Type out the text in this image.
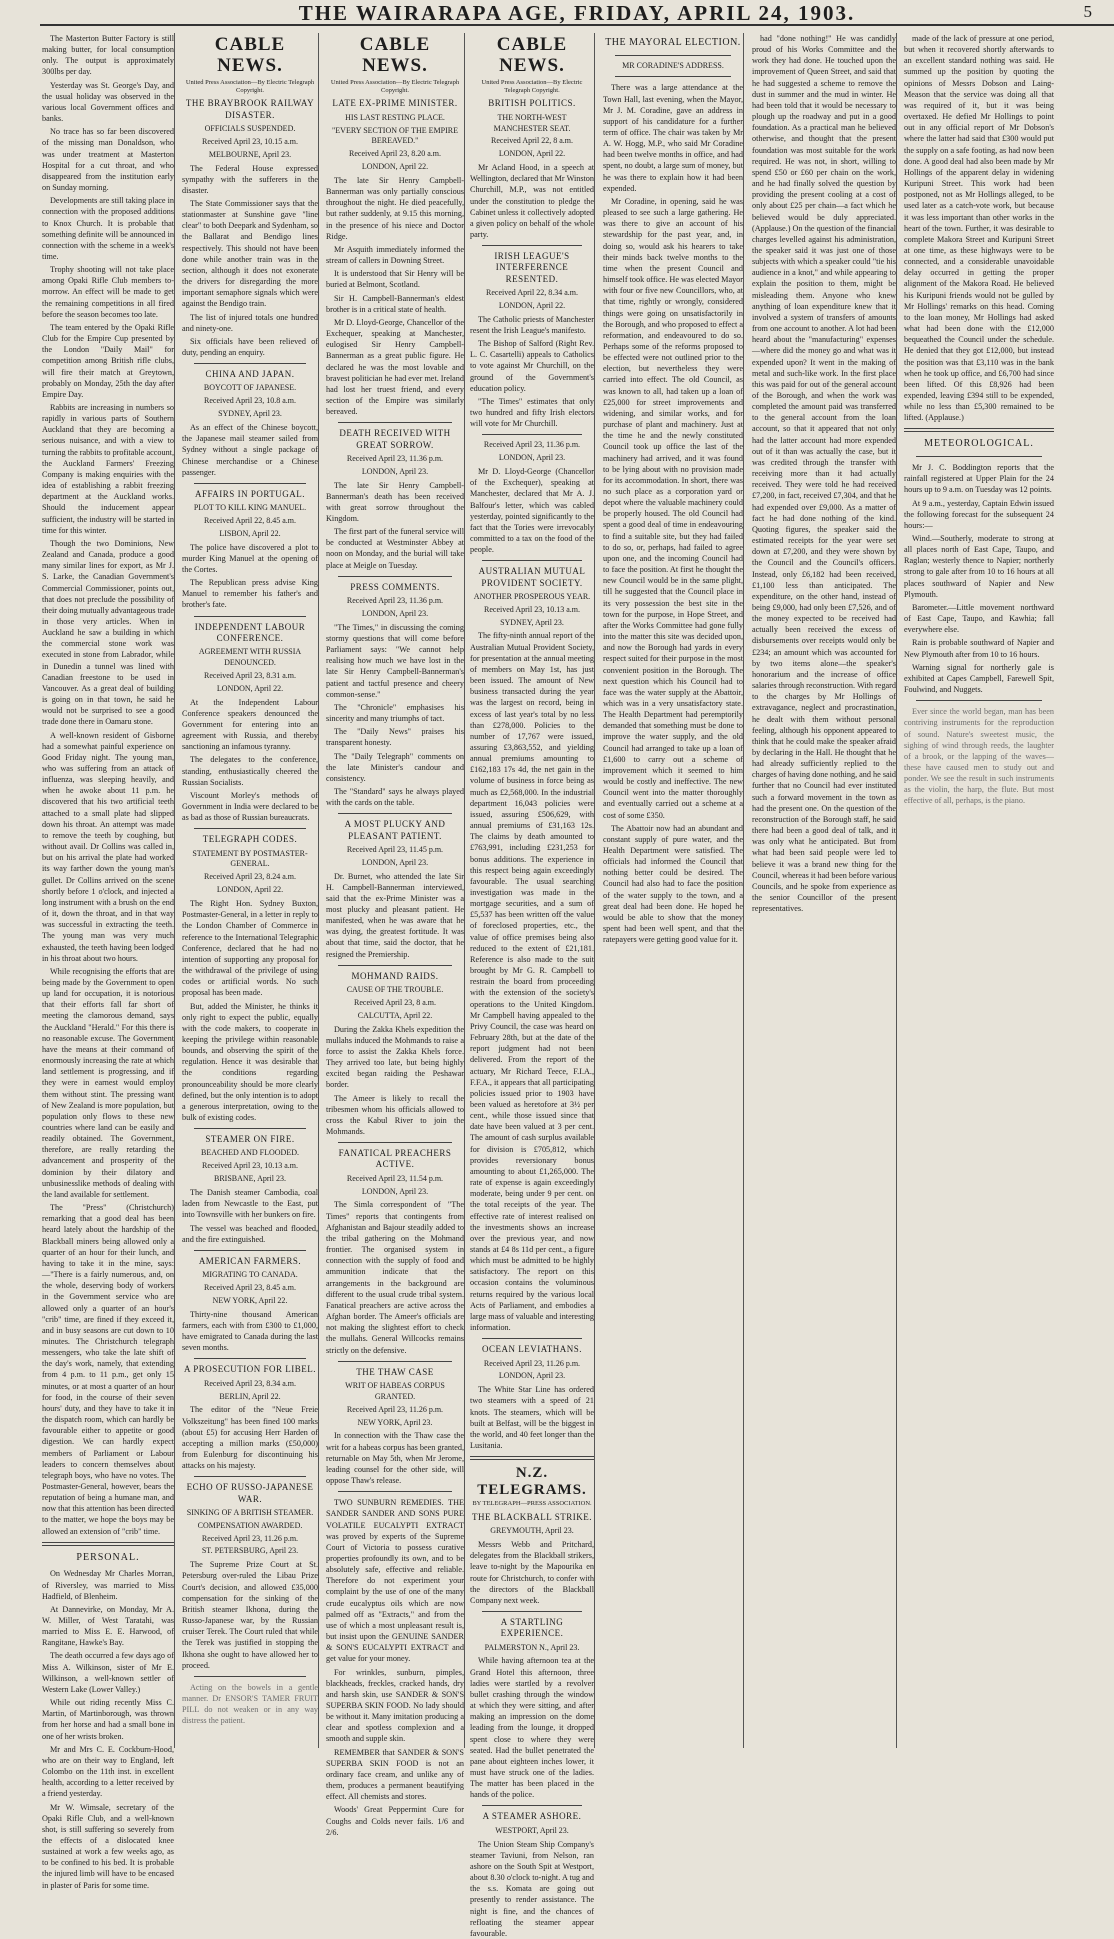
THE WAIRARAPA AGE, FRIDAY, APRIL 24, 1903.	5

The Masterton Butter Factory is still making butter, for local consumption only. The output is approximately 300lbs per day.

Yesterday was St. George's Day, and the usual holiday was observed in the various local Government offices and banks.

No trace has so far been discovered of the missing man Donaldson, who was under treatment at Masterton Hospital for a cut throat, and who disappeared from the institution early on Sunday morning.

Developments are still taking place in connection with the proposed additions to Knox Church. It is probable that something definite will be announced in connection with the scheme in a week's time.

Trophy shooting will not take place among Opaki Rifle Club members to-morrow. An effect will be made to get the remaining competitions in all fired before the season becomes too late.

The team entered by the Opaki Rifle Club for the Empire Cup presented by the London "Daily Mail" for competition among British rifle clubs, will fire their match at Greytown, probably on Monday, 25th the day after Empire Day.

Rabbits are increasing in numbers so rapidly in various parts of Southern Auckland that they are becoming a serious nuisance, and with a view to turning the rabbits to profitable account, the Auckland Farmers' Freezing Company is making enquiries with the idea of establishing a rabbit freezing department at the Auckland works. Should the inducement appear sufficient, the industry will be started in time for this winter.

Though the two Dominions, New Zealand and Canada, produce a good many similar lines for export, as Mr J. S. Larke, the Canadian Government's Commercial Commissioner, points out, that does not preclude the possibility of their doing mutually advantageous trade in those very articles. When in Auckland he saw a building in which the commercial stone work was executed in stone from Labrador, while in Dunedin a tunnel was lined with Canadian freestone to be used in Vancouver. As a great deal of building is going on in that town, he said he would not be surprised to see a good trade done there in Oamaru stone.

A well-known resident of Gisborne had a somewhat painful experience on Good Friday night. The young man, who was suffering from an attack of influenza, was sleeping heavily, and when he awoke about 11 p.m. he discovered that his two artificial teeth attached to a small plate had slipped down his throat. An attempt was made to remove the teeth by coughing, but without avail. Dr Collins was called in, but on his arrival the plate had worked its way farther down the young man's gullet. Dr Collins arrived on the scene shortly before 1 o'clock, and injected a long instrument with a brush on the end of it, down the throat, and in that way was successful in extracting the teeth. The young man was very much exhausted, the teeth having been lodged in his throat about two hours.

While recognising the efforts that are being made by the Government to open up land for occupation, it is notorious that their efforts fall far short of meeting the clamorous demand, says the Auckland "Herald." For this there is no reasonable excuse. The Government have the means at their command of enormously increasing the rate at which land settlement is progressing, and if they were in earnest would employ them without stint. The pressing want of New Zealand is more population, but population only flows to these new countries where land can be easily and readily obtained. The Government, therefore, are really retarding the advancement and prosperity of the dominion by their dilatory and unbusinesslike methods of dealing with the land available for settlement.

The "Press" (Christchurch) remarking that a good deal has been heard lately about the hardship of the Blackball miners being allowed only a quarter of an hour for their lunch, and having to take it in the mine, says:—"There is a fairly numerous, and, on the whole, deserving body of workers in the Government service who are allowed only a quarter of an hour's "crib" time, are fined if they exceed it, and in busy seasons are cut down to 10 minutes. The Christchurch telegraph messengers, who take the late shift of the day's work, namely, that extending from 4 p.m. to 11 p.m., get only 15 minutes, or at most a quarter of an hour for food, in the course of their seven hours' duty, and they have to take it in the dispatch room, which can hardly be favourable either to appetite or good digestion. We can hardly expect members of Parliament or Labour leaders to concern themselves about telegraph boys, who have no votes. The Postmaster-General, however, bears the reputation of being a humane man, and now that this attention has been directed to the matter, we hope the boys may be allowed an extension of "crib" time.

PERSONAL.

On Wednesday Mr Charles Morran, of Riversley, was married to Miss Hadfield, of Blenheim.

At Dannevirke, on Monday, Mr A. W. Miller, of West Taratahi, was married to Miss E. E. Harwood, of Rangitane, Hawke's Bay.

The death occurred a few days ago of Miss A. Wilkinson, sister of Mr E. Wilkinson, a well-known settler of Western Lake (Lower Valley.)

While out riding recently Miss C. Martin, of Martinborough, was thrown from her horse and had a small bone in one of her wrists broken.

Mr and Mrs C. E. Cockburn-Hood, who are on their way to England, left Colombo on the 11th inst. in excellent health, according to a letter received by a friend yesterday.

Mr W. Wimsale, secretary of the Opaki Rifle Club, and a well-known shot, is still suffering so severely from the effects of a dislocated knee sustained at work a few weeks ago, as to be confined to his bed. It is probable the injured limb will have to be encased in plaster of Paris for some time.

CABLE NEWS.
United Press Association—By Electric Telegraph Copyright.
THE BRAYBROOK RAILWAY DISASTER.
OFFICIALS SUSPENDED.
Received April 23, 10.15 a.m.
MELBOURNE, April 23.

The Federal House expressed sympathy with the sufferers in the disaster.

The State Commissioner says that the stationmaster at Sunshine gave "line clear" to both Deepark and Sydenham, so the Ballarat and Bendigo lines respectively. This should not have been done while another train was in the section, although it does not exonerate the drivers for disregarding the more important semaphore signals which were against the Bendigo train.

The list of injured totals one hundred and ninety-one.

Six officials have been relieved of duty, pending an enquiry.

CHINA AND JAPAN.
BOYCOTT OF JAPANESE.
Received April 23, 10.8 a.m.
SYDNEY, April 23.

As an effect of the Chinese boycott, the Japanese mail steamer sailed from Sydney without a single package of Chinese merchandise or a Chinese passenger.

AFFAIRS IN PORTUGAL.
PLOT TO KILL KING MANUEL.
Received April 22, 8.45 a.m.
LISBON, April 22.

The police have discovered a plot to murder King Manuel at the opening of the Cortes.

The Republican press advise King Manuel to remember his father's and brother's fate.

INDEPENDENT LABOUR CONFERENCE.
AGREEMENT WITH RUSSIA DENOUNCED.
Received April 23, 8.31 a.m.
LONDON, April 22.

At the Independent Labour Conference speakers denounced the Government for entering into an agreement with Russia, and thereby sanctioning an infamous tyranny.

The delegates to the conference, standing, enthusiastically cheered the Russian Socialists.

Viscount Morley's methods of Government in India were declared to be as bad as those of Russian bureaucrats.

TELEGRAPH CODES.
STATEMENT BY POSTMASTER-GENERAL.
Received April 23, 8.24 a.m.
LONDON, April 22.

The Right Hon. Sydney Buxton, Postmaster-General, in a letter in reply to the London Chamber of Commerce in reference to the International Telegraphic Conference, declared that he had no intention of supporting any proposal for the withdrawal of the privilege of using codes or artificial words. No such proposal has been made.

But, added the Minister, he thinks it only right to expect the public, equally with the code makers, to cooperate in keeping the privilege within reasonable bounds, and observing the spirit of the regulation. Hence it was desirable that the conditions regarding pronounceability should be more clearly defined, but the only intention is to adopt a generous interpretation, owing to the bulk of existing codes.

STEAMER ON FIRE.
BEACHED AND FLOODED.
Received April 23, 10.13 a.m.
BRISBANE, April 23.

The Danish steamer Cambodia, coal laden from Newcastle to the East, put into Townsville with her bunkers on fire.

The vessel was beached and flooded, and the fire extinguished.

AMERICAN FARMERS.
MIGRATING TO CANADA.
Received April 23, 8.45 a.m.
NEW YORK, April 22.

Thirty-nine thousand American farmers, each with from £300 to £1,000, have emigrated to Canada during the last seven months.

A PROSECUTION FOR LIBEL.
Received April 23, 8.34 a.m.
BERLIN, April 22.

The editor of the "Neue Freie Volkszeitung" has been fined 100 marks (about £5) for accusing Herr Harden of accepting a million marks (£50,000) from Eulenburg for discontinuing his attacks on his majesty.

ECHO OF RUSSO-JAPANESE WAR.
SINKING OF A BRITISH STEAMER.
COMPENSATION AWARDED.
Received April 23, 11.26 p.m.
ST. PETERSBURG, April 23.

The Supreme Prize Court at St. Petersburg over-ruled the Libau Prize Court's decision, and allowed £35,000 compensation for the sinking of the British steamer Ikhona, during the Russo-Japanese war, by the Russian cruiser Terek. The Court ruled that while the Terek was justified in stopping the Ikhona she ought to have allowed her to proceed.

Acting on the bowels in a gentle manner. Dr ENSOR'S TAMER FRUIT PILL do not weaken or in any way distress the patient.

CABLE NEWS.
United Press Association—By Electric Telegraph Copyright.
LATE EX-PRIME MINISTER.
HIS LAST RESTING PLACE.
"EVERY SECTION OF THE EMPIRE BEREAVED."
Received April 23, 8.20 a.m.
LONDON, April 22.

The late Sir Henry Campbell-Bannerman was only partially conscious throughout the night. He died peacefully, but rather suddenly, at 9.15 this morning, in the presence of his niece and Doctor Ridge.

Mr Asquith immediately informed the stream of callers in Downing Street.

It is understood that Sir Henry will be buried at Belmont, Scotland.

Sir H. Campbell-Bannerman's eldest brother is in a critical state of health.

Mr D. Lloyd-George, Chancellor of the Exchequer, speaking at Manchester, eulogised Sir Henry Campbell-Bannerman as a great public figure. He declared he was the most lovable and bravest politician he had ever met. Ireland had lost her truest friend, and every section of the Empire was similarly bereaved.

DEATH RECEIVED WITH GREAT SORROW.
Received April 23, 11.36 p.m.
LONDON, April 23.

The late Sir Henry Campbell-Bannerman's death has been received with great sorrow throughout the Kingdom.

The first part of the funeral service will be conducted at Westminster Abbey at noon on Monday, and the burial will take place at Meigle on Tuesday.

PRESS COMMENTS.
Received April 23, 11.36 p.m.
LONDON, April 23.

"The Times," in discussing the coming stormy questions that will come before Parliament says: "We cannot help realising how much we have lost in the late Sir Henry Campbell-Bannerman's patient and tactful presence and cheery common-sense."

The "Chronicle" emphasises his sincerity and many triumphs of tact.

The "Daily News" praises his transparent honesty.

The "Daily Telegraph" comments on the late Minister's candour and consistency.

The "Standard" says he always played with the cards on the table.

A MOST PLUCKY AND PLEASANT PATIENT.
Received April 23, 11.45 p.m.
LONDON, April 23.

Dr. Burnet, who attended the late Sir H. Campbell-Bannerman interviewed, said that the ex-Prime Minister was a most plucky and pleasant patient. He manifested, when he was aware that he was dying, the greatest fortitude. It was about that time, said the doctor, that he resigned the Premiership.

MOHMAND RAIDS.
CAUSE OF THE TROUBLE.
Received April 23, 8 a.m.
CALCUTTA, April 22.

During the Zakka Khels expedition the mullahs induced the Mohmands to raise a force to assist the Zakka Khels force. They arrived too late, but being highly excited began raiding the Peshawar border.

The Ameer is likely to recall the tribesmen whom his officials allowed to cross the Kabul River to join the Mohmands.

FANATICAL PREACHERS ACTIVE.
Received April 23, 11.54 p.m.
LONDON, April 23.

The Simla correspondent of "The Times" reports that contingents from Afghanistan and Bajour steadily added to the tribal gathering on the Mohmand frontier. The organised system in connection with the supply of food and ammunition indicate that the arrangements in the background are different to the usual crude tribal system. Fanatical preachers are active across the Afghan border. The Ameer's officials are not making the slightest effort to check the mullahs. General Willcocks remains strictly on the defensive.

THE THAW CASE
WRIT OF HABEAS CORPUS GRANTED.
Received April 23, 11.26 p.m.
NEW YORK, April 23.

In connection with the Thaw case the writ for a habeas corpus has been granted, returnable on May 5th, when Mr Jerome, leading counsel for the other side, will oppose Thaw's release.

TWO SUNBURN REMEDIES. THE SANDER SANDER AND SONS PURE VOLATILE EUCALYPTI EXTRACT was proved by experts of the Supreme Court of Victoria to possess curative properties profoundly its own, and to be absolutely safe, effective and reliable. Therefore do not experiment your complaint by the use of one of the many crude eucalyptus oils which are now palmed off as "Extracts," and from the use of which a most unpleasant result is, but insist upon the GENUINE SANDER & SON'S EUCALYPTI EXTRACT and get value for your money.

For wrinkles, sunburn, pimples, blackheads, freckles, cracked hands, dry and harsh skin, use SANDER & SON'S SUPERBA SKIN FOOD. No lady should be without it. Many imitation producing a clear and spotless complexion and a smooth and supple skin.

REMEMBER that SANDER & SON'S SUPERBA SKIN FOOD is not an ordinary face cream, and unlike any of them, produces a permanent beautifying effect. All chemists and stores.

Woods' Great Peppermint Cure for Coughs and Colds never fails. 1/6 and 2/6.

CABLE NEWS.
United Press Association—By Electric Telegraph Copyright.
BRITISH POLITICS.
THE NORTH-WEST MANCHESTER SEAT.
Received April 22, 8 a.m.
LONDON, April 22.

Mr Acland Hood, in a speech at Wellington, declared that Mr Winston Churchill, M.P., was not entitled under the constitution to pledge the Cabinet unless it collectively adopted a given policy on behalf of the whole party.

IRISH LEAGUE'S INTERFERENCE RESENTED.
Received April 22, 8.34 a.m.
LONDON, April 22.

The Catholic priests of Manchester resent the Irish League's manifesto.

The Bishop of Salford (Right Rev. L. C. Casartelli) appeals to Catholics to vote against Mr Churchill, on the ground of the Government's education policy.

"The Times" estimates that only two hundred and fifty Irish electors will vote for Mr Churchill.

Received April 23, 11.36 p.m.
LONDON, April 23.

Mr D. Lloyd-George (Chancellor of the Exchequer), speaking at Manchester, declared that Mr A. J. Balfour's letter, which was cabled yesterday, pointed significantly to the fact that the Tories were irrevocably committed to a tax on the food of the people.

AUSTRALIAN MUTUAL PROVIDENT SOCIETY.
ANOTHER PROSPEROUS YEAR.
Received April 23, 10.13 a.m.
SYDNEY, April 23.

The fifty-ninth annual report of the Australian Mutual Provident Society, for presentation at the annual meeting of members on May 1st, has just been issued. The amount of New business transacted during the year was the largest on record, being in excess of last year's total by no less than £278,000. Policies to the number of 17,767 were issued, assuring £3,863,552, and yielding annual premiums amounting to £162,183 17s 4d, the net gain in the volume of business in force being as much as £2,568,000. In the industrial department 16,043 policies were issued, assuring £506,629, with annual premiums of £31,163 12s. The claims by death amounted to £763,991, including £231,253 for bonus additions. The experience in this respect being again exceedingly favourable. The usual searching investigation was made in the mortgage securities, and a sum of £5,537 has been written off the value of foreclosed properties, etc., the value of office premises being also reduced to the extent of £21,181. Reference is also made to the suit brought by Mr G. R. Campbell to restrain the board from proceeding with the extension of the society's operations to the United Kingdom. Mr Campbell having appealed to the Privy Council, the case was heard on February 28th, but at the date of the report judgment had not been delivered. From the report of the actuary, Mr Richard Teece, F.I.A., F.F.A., it appears that all participating policies issued prior to 1903 have been valued as heretofore at 3½ per cent., while those issued since that date have been valued at 3 per cent. The amount of cash surplus available for division is £705,812, which provides reversionary bonus amounting to about £1,265,000. The rate of expense is again exceedingly moderate, being under 9 per cent. on the total receipts of the year. The effective rate of interest realised on the investments shows an increase over the previous year, and now stands at £4 8s 11d per cent., a figure which must be admitted to be highly satisfactory. The report on this occasion contains the voluminous returns required by the various local Acts of Parliament, and embodies a large mass of valuable and interesting information.

OCEAN LEVIATHANS.
Received April 23, 11.26 p.m.
LONDON, April 23.

The White Star Line has ordered two steamers with a speed of 21 knots. The steamers, which will be built at Belfast, will be the biggest in the world, and 40 feet longer than the Lusitania.

N.Z. TELEGRAMS.
BY TELEGRAPH—PRESS ASSOCIATION.
THE BLACKBALL STRIKE.
GREYMOUTH, April 23.

Messrs Webb and Pritchard, delegates from the Blackball strikers, leave to-night by the Mapourika en route for Christchurch, to confer with the directors of the Blackball Company next week.

A STARTLING EXPERIENCE.
PALMERSTON N., April 23.

While having afternoon tea at the Grand Hotel this afternoon, three ladies were startled by a revolver bullet crashing through the window at which they were sitting, and after making an impression on the dome leading from the lounge, it dropped spent close to where they were seated. Had the bullet penetrated the pane about eighteen inches lower, it must have struck one of the ladies. The matter has been placed in the hands of the police.

A STEAMER ASHORE.
WESTPORT, April 23.

The Union Steam Ship Company's steamer Taviuni, from Nelson, ran ashore on the South Spit at Westport, about 8.30 o'clock to-night. A tug and the s.s. Komata are going out presently to render assistance. The night is fine, and the chances of refloating the steamer appear favourable.

THE MAYORAL ELECTION.
MR CORADINE'S ADDRESS.

There was a large attendance at the Town Hall, last evening, when the Mayor, Mr J. M. Coradine, gave an address in support of his candidature for a further term of office. The chair was taken by Mr A. W. Hogg, M.P., who said Mr Coradine had been twelve months in office, and had spent, no doubt, a large sum of money, but he was there to explain how it had been expended.

Mr Coradine, in opening, said he was pleased to see such a large gathering. He was there to give an account of his stewardship for the past year, and, in doing so, would ask his hearers to take their minds back twelve months to the time when the present Council and himself took office. He was elected Mayor with four or five new Councillors, who, at that time, rightly or wrongly, considered things were going on unsatisfactorily in the Borough, and who proposed to effect a reformation, and endeavoured to do so. Perhaps some of the reforms proposed to be effected were not outlined prior to the election, but nevertheless they were carried into effect. The old Council, as was known to all, had taken up a loan of £25,000 for street improvements and widening, and similar works, and for purchase of plant and machinery. Just at the time he and the newly constituted Council took up office the last of the machinery had arrived, and it was found to be lying about with no provision made for its accommodation. In short, there was no such place as a corporation yard or depot where the valuable machinery could be properly housed. The old Council had spent a good deal of time in endeavouring to find a suitable site, but they had failed to do so, or, perhaps, had failed to agree upon one, and the incoming Council had to face the position. At first he thought the new Council would be in the same plight, till he suggested that the Council place in its very possession the best site in the town for the purpose, in Hope Street, and after the Works Committee had gone fully into the matter this site was decided upon, and now the Borough had yards in every respect suited for their purpose in the most convenient position in the Borough. The next question which his Council had to face was the water supply at the Abattoir, which was in a very unsatisfactory state. The Health Department had peremptorily demanded that something must be done to improve the water supply, and the old Council had arranged to take up a loan of £1,600 to carry out a scheme of improvement which it seemed to him would be costly and ineffective. The new Council went into the matter thoroughly and eventually carried out a scheme at a cost of some £350.

The Abattoir now had an abundant and constant supply of pure water, and the Health Department were satisfied. The officials had informed the Council that nothing better could be desired. The Council had also had to face the position of the water supply to the town, and a great deal had been done. He hoped he would be able to show that the money spent had been well spent, and that the ratepayers were getting good value for it.

had "done nothing!" He was candidly proud of his Works Committee and the work they had done. He touched upon the improvement of Queen Street, and said that he had suggested a scheme to remove the dust in summer and the mud in winter. He had been told that it would be necessary to plough up the roadway and put in a good foundation. As a practical man he believed otherwise, and thought that the present foundation was most suitable for the work required. He was not, in short, willing to spend £50 or £60 per chain on the work, and he had finally solved the question by providing the present cooling at a cost of only about £25 per chain—a fact which he believed would be duly appreciated. (Applause.) On the question of the financial charges levelled against his administration, the speaker said it was just one of those subjects with which a speaker could "tie his audience in a knot," and while appearing to explain the position to them, might be misleading them. Anyone who knew anything of loan expenditure knew that it involved a system of transfers of amounts from one account to another. A lot had been heard about the "manufacturing" expenses—where did the money go and what was it expended upon? It went in the making of metal and such-like work. In the first place this was paid for out of the general account of the Borough, and when the work was completed the amount paid was transferred to the general account from the loan account, so that it appeared that not only had the latter account had more expended out of it than was actually the case, but it was credited through the transfer with receiving more than it had actually received. They were told he had received £7,200, in fact, received £7,304, and that he had expended over £9,000. As a matter of fact he had done nothing of the kind. Quoting figures, the speaker said the estimated receipts for the year were set down at £7,200, and they were shown by the Council and the Council's officers. Instead, only £6,182 had been received, £1,100 less than anticipated. The expenditure, on the other hand, instead of being £9,000, had only been £7,526, and of the money expected to be received had actually been received the excess of disbursements over receipts would only be £234; an amount which was accounted for by two items alone—the speaker's honorarium and the increase of office salaries through reconstruction. With regard to the charges by Mr Hollings of extravagance, neglect and procrastination, he dealt with them without personal feeling, although his opponent appeared to think that he could make the speaker afraid by declaring in the Hall. He thought that he had already sufficiently replied to the charges of having done nothing, and he said further that no Council had ever instituted such a forward movement in the town as had the present one. On the question of the reconstruction of the Borough staff, he said there had been a good deal of talk, and it was only what he anticipated. But from what had been said people were led to believe it was a brand new thing for the Council, whereas it had been before various Councils, and he spoke from experience as the senior Councillor of the present representatives.

made of the lack of pressure at one period, but when it recovered shortly afterwards to an excellent standard nothing was said. He summed up the position by quoting the opinions of Messrs Dobson and Laing-Meason that the service was doing all that was required of it, but it was being overtaxed. He defied Mr Hollings to point out in any official report of Mr Dobson's where the latter had said that £300 would put the supply on a safe footing, as had now been done. A good deal had also been made by Mr Hollings of the apparent delay in widening Kuripuni Street. This work had been postponed, not as Mr Hollings alleged, to be used later as a catch-vote work, but because it was less important than other works in the heart of the town. Further, it was desirable to complete Makora Street and Kuripuni Street at one time, as these highways were to be connected, and a considerable unavoidable delay occurred in getting the proper alignment of the Makora Road. He believed his Kuripuni friends would not be gulled by Mr Hollings' remarks on this head. Coming to the loan money, Mr Hollings had asked what had been done with the £12,000 bequeathed the Council under the schedule. He denied that they got £12,000, but instead the position was that £3,110 was in the bank when he took up office, and £6,700 had since been lifted. Of this £8,926 had been expended, leaving £394 still to be expended, while no less than £5,300 remained to be lifted. (Applause.)

METEOROLOGICAL.

Mr J. C. Boddington reports that the rainfall registered at Upper Plain for the 24 hours up to 9 a.m. on Tuesday was 12 points.

At 9 a.m., yesterday, Captain Edwin issued the following forecast for the subsequent 24 hours:—

Wind.—Southerly, moderate to strong at all places north of East Cape, Taupo, and Raglan; westerly thence to Napier; northerly strong to gale after from 10 to 16 hours at all places southward of Napier and New Plymouth.

Barometer.—Little movement northward of East Cape, Taupo, and Kawhia; fall everywhere else.

Rain is probable southward of Napier and New Plymouth after from 10 to 16 hours.

Warning signal for northerly gale is exhibited at Capes Campbell, Farewell Spit, Foulwind, and Nuggets.

Ever since the world began, man has been contriving instruments for the reproduction of sound. Nature's sweetest music, the sighing of wind through reeds, the laughter of a brook, or the lapping of the waves—these have caused men to study out and ponder. We see the result in such instruments as the violin, the harp, the flute. But most effective of all, perhaps, is the piano.
